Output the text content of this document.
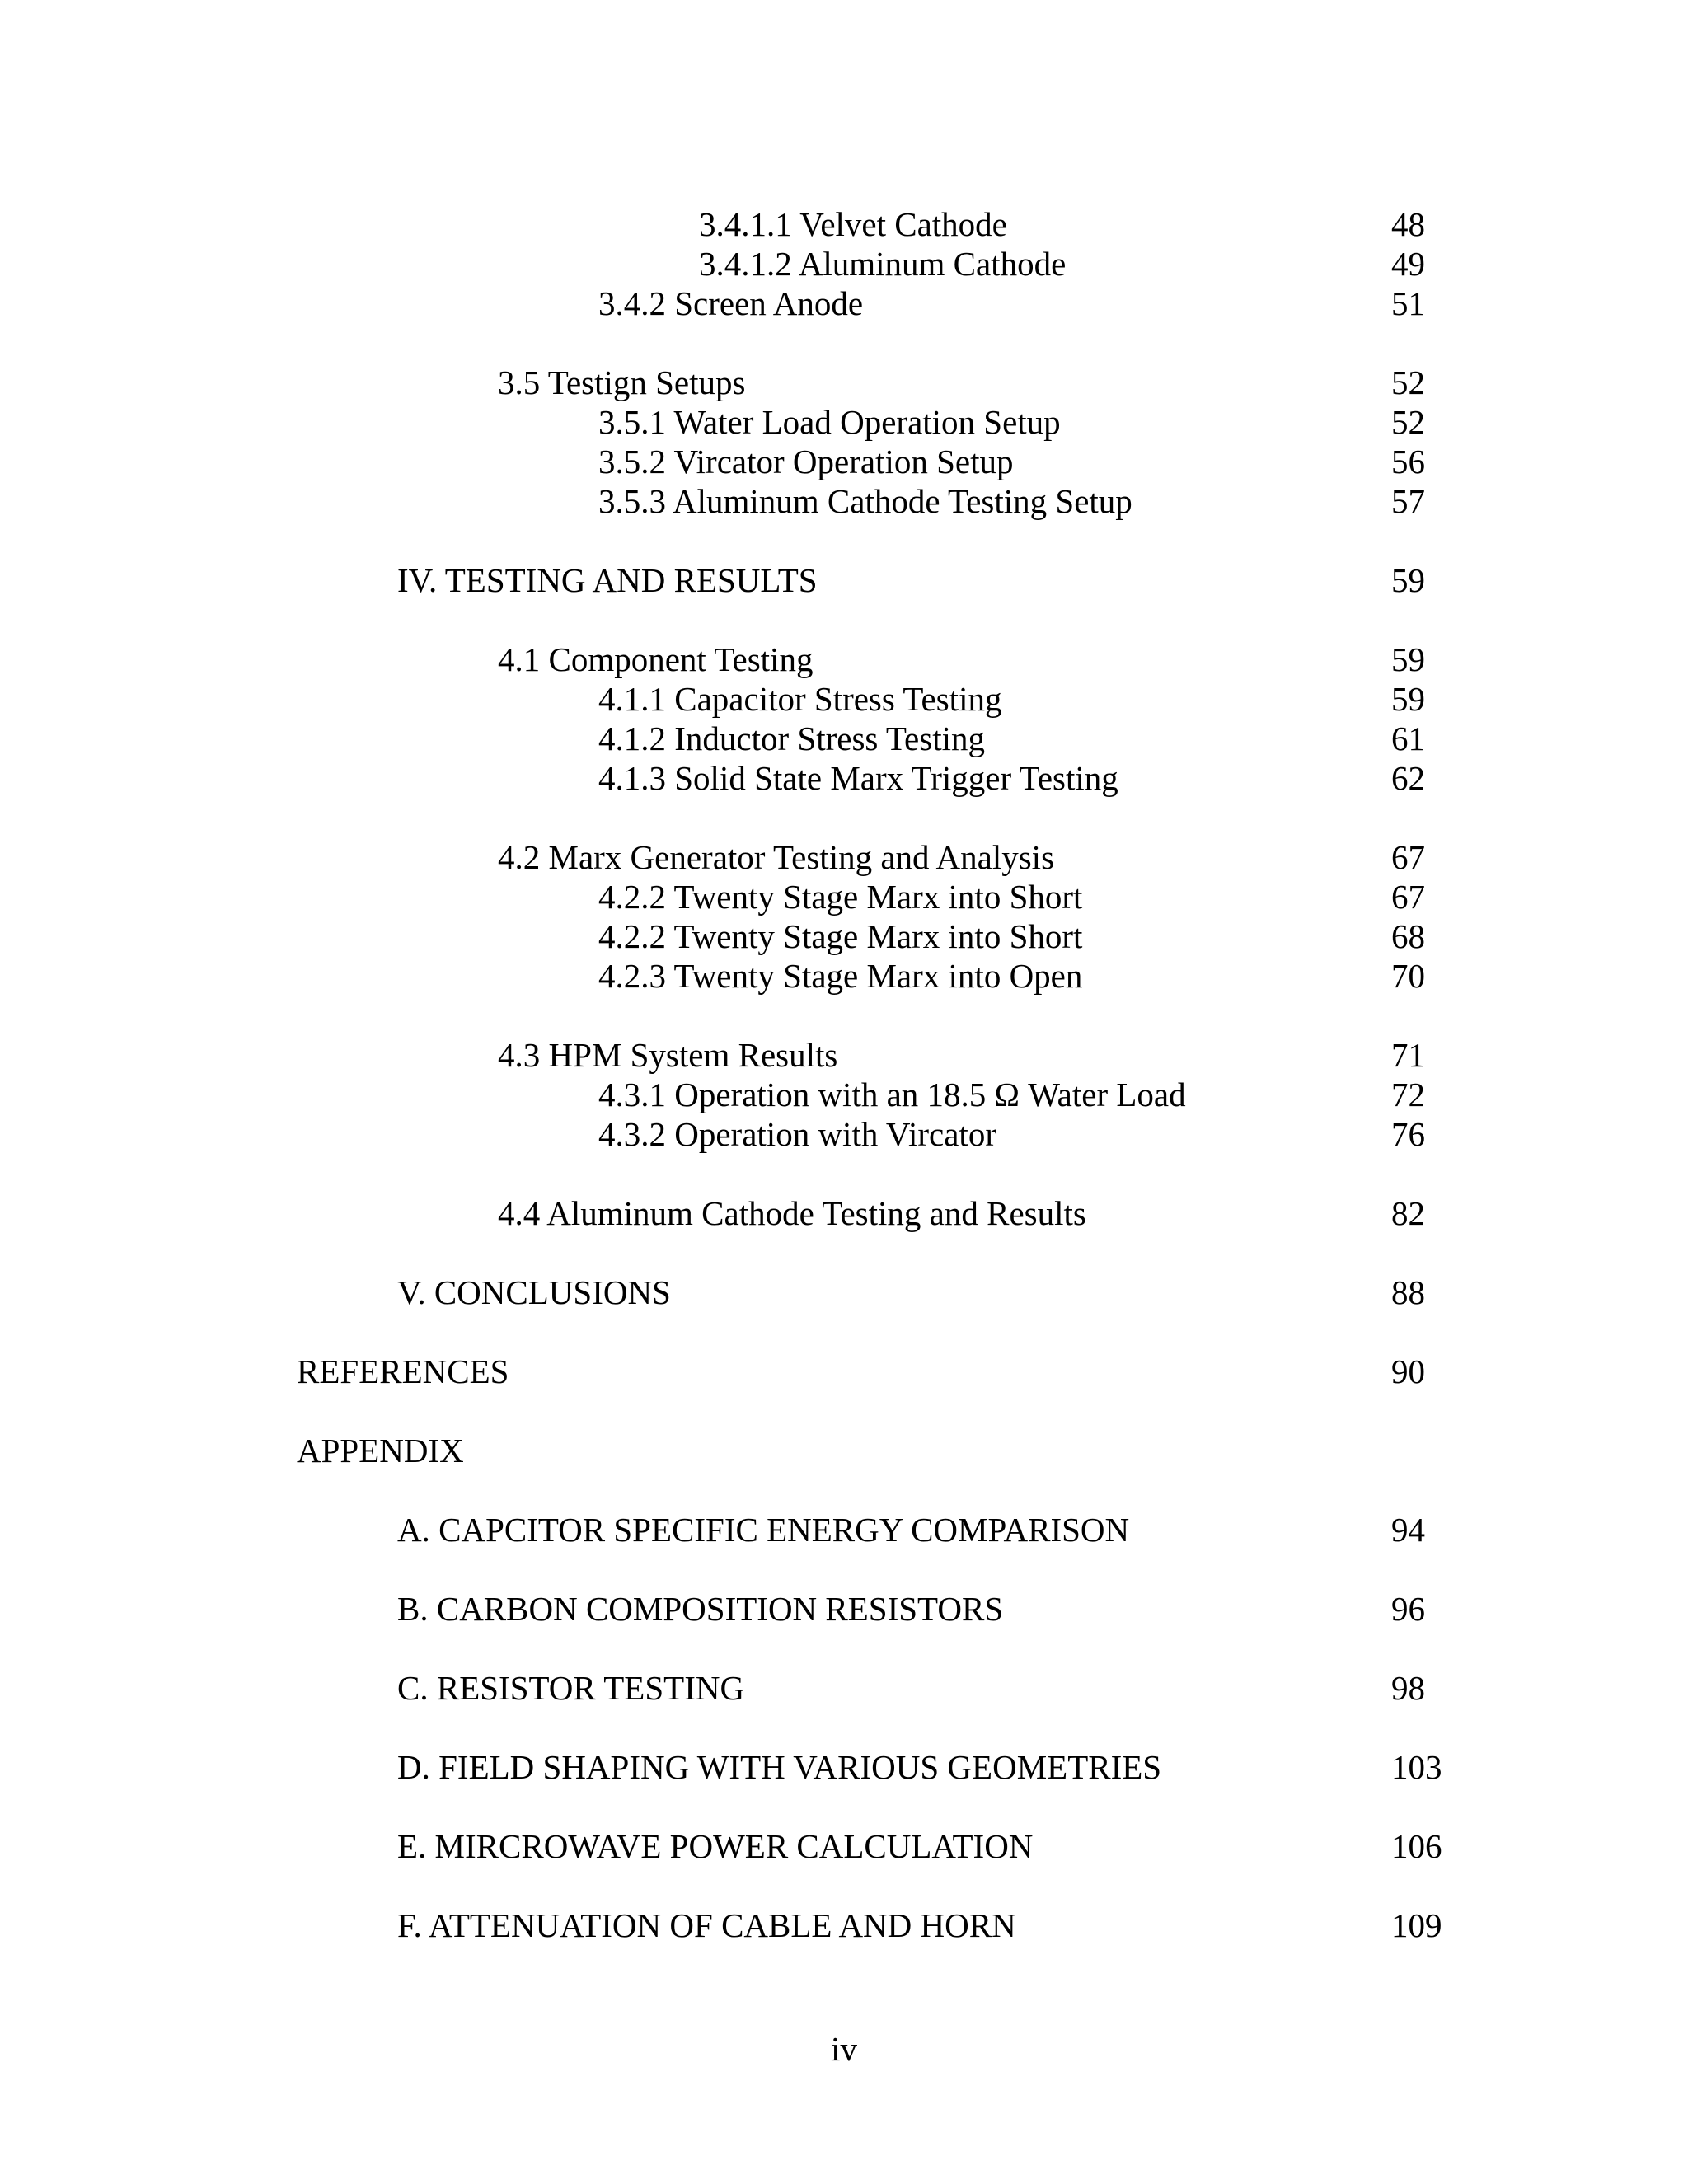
3.4.1.1 Velvet Cathode	48
3.4.1.2 Aluminum Cathode	49
3.4.2 Screen Anode	51
3.5 Testign Setups	52
3.5.1 Water Load Operation Setup	52
3.5.2 Vircator Operation Setup	56
3.5.3 Aluminum Cathode Testing Setup	57
IV. TESTING AND RESULTS	59
4.1 Component Testing	59
4.1.1 Capacitor Stress Testing	59
4.1.2 Inductor Stress Testing	61
4.1.3 Solid State Marx Trigger Testing	62
4.2 Marx Generator Testing and Analysis	67
4.2.2 Twenty Stage Marx into Short	67
4.2.2 Twenty Stage Marx into Short	68
4.2.3 Twenty Stage Marx into Open	70
4.3 HPM System Results	71
4.3.1 Operation with an 18.5 Ω Water Load	72
4.3.2 Operation with Vircator	76
4.4 Aluminum Cathode Testing and Results	82
V. CONCLUSIONS	88
REFERENCES	90
APPENDIX
A. CAPCITOR SPECIFIC ENERGY COMPARISON	94
B. CARBON COMPOSITION RESISTORS	96
C. RESISTOR TESTING	98
D. FIELD SHAPING WITH VARIOUS GEOMETRIES	103
E. MIRCROWAVE POWER CALCULATION	106
F. ATTENUATION OF CABLE AND HORN	109
iv
